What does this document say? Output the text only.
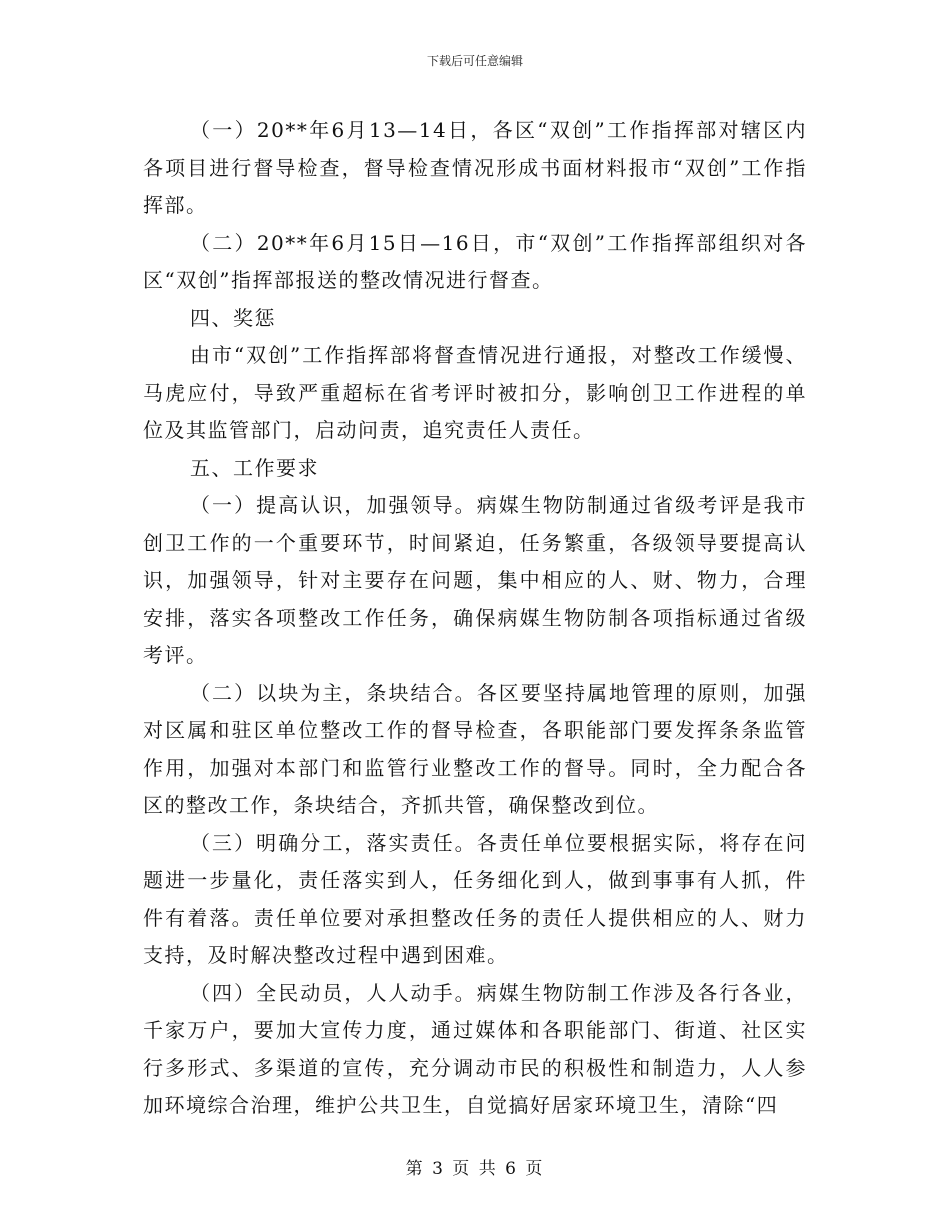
下载后可任意编辑

（一）20**年6月13—14日，各区“双创”工作指挥部对辖区内各项目进行督导检查，督导检查情况形成书面材料报市“双创”工作指挥部。

（二）20**年6月15日—16日，市“双创”工作指挥部组织对各区“双创”指挥部报送的整改情况进行督查。

四、奖惩

由市“双创”工作指挥部将督查情况进行通报，对整改工作缓慢、马虎应付，导致严重超标在省考评时被扣分，影响创卫工作进程的单位及其监管部门，启动问责，追究责任人责任。

五、工作要求

（一）提高认识，加强领导。病媒生物防制通过省级考评是我市创卫工作的一个重要环节，时间紧迫，任务繁重，各级领导要提高认识，加强领导，针对主要存在问题，集中相应的人、财、物力，合理安排，落实各项整改工作任务，确保病媒生物防制各项指标通过省级考评。

（二）以块为主，条块结合。各区要坚持属地管理的原则，加强对区属和驻区单位整改工作的督导检查，各职能部门要发挥条条监管作用，加强对本部门和监管行业整改工作的督导。同时，全力配合各区的整改工作，条块结合，齐抓共管，确保整改到位。

（三）明确分工，落实责任。各责任单位要根据实际，将存在问题进一步量化，责任落实到人，任务细化到人，做到事事有人抓，件件有着落。责任单位要对承担整改任务的责任人提供相应的人、财力支持，及时解决整改过程中遇到困难。

（四）全民动员，人人动手。病媒生物防制工作涉及各行各业，千家万户，要加大宣传力度，通过媒体和各职能部门、街道、社区实行多形式、多渠道的宣传，充分调动市民的积极性和制造力，人人参加环境综合治理，维护公共卫生，自觉搞好居家环境卫生，清除“四

第 3 页 共 6 页
